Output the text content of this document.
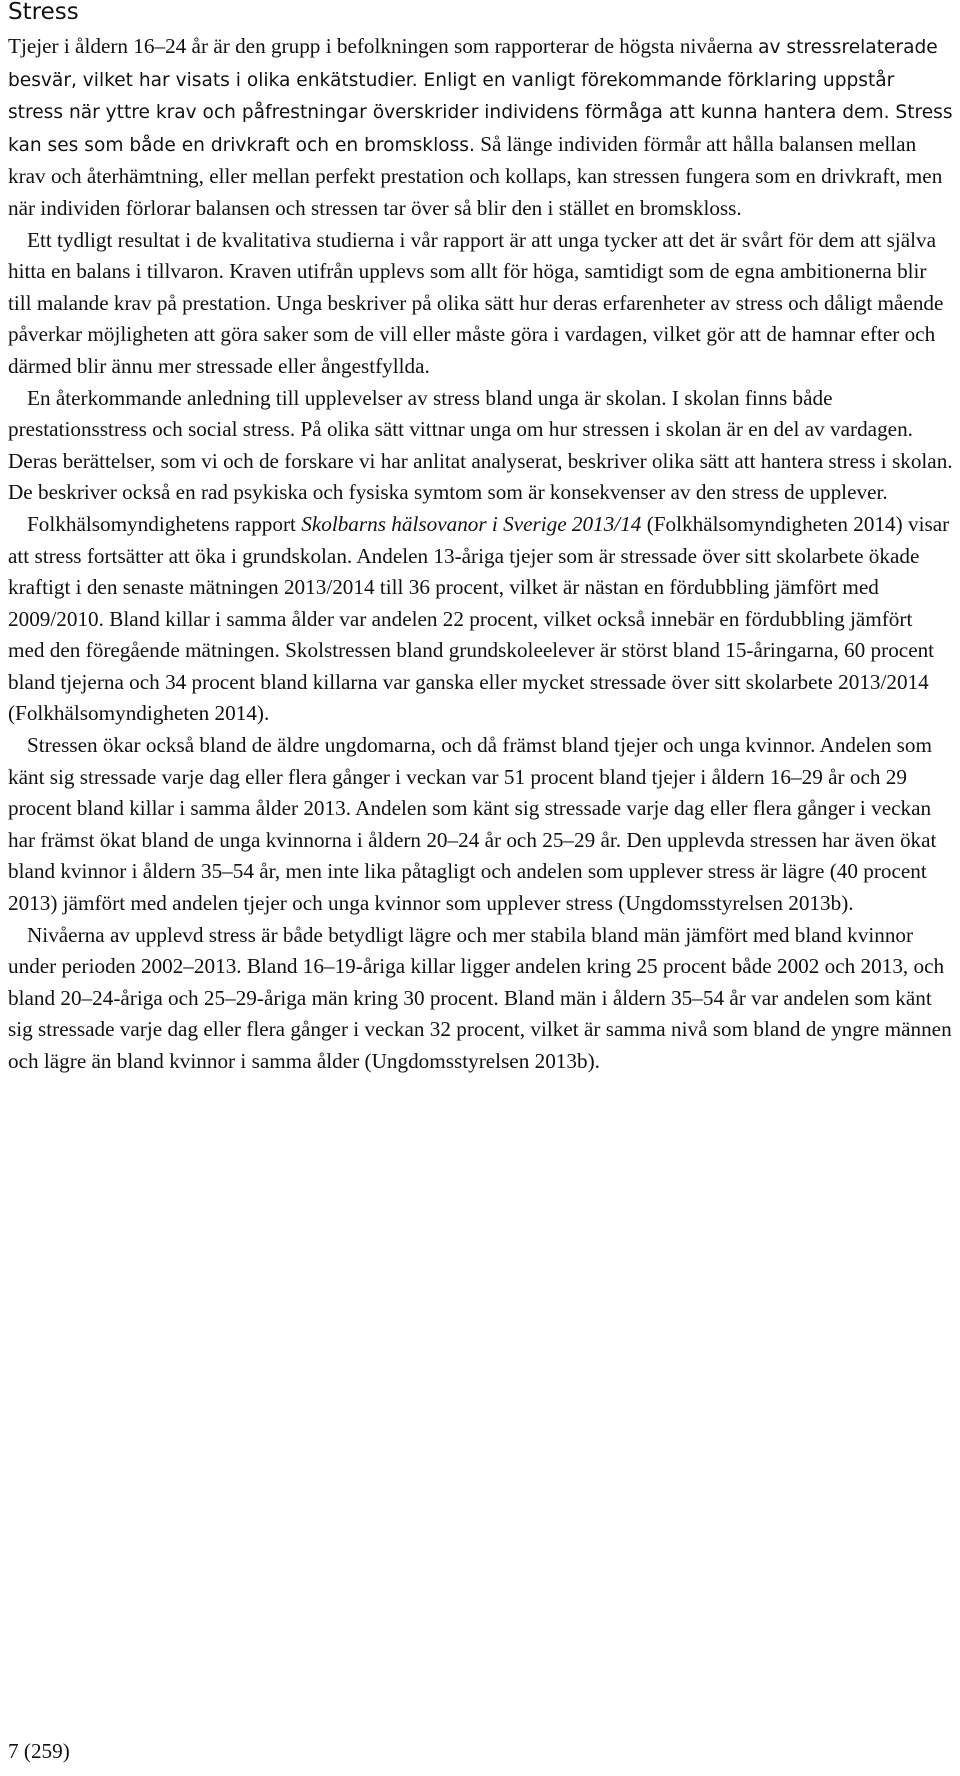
Stress

Tjejer i åldern 16–24 år är den grupp i befolkningen som rapporterar de högsta nivåerna av stressrelaterade besvär, vilket har visats i olika enkätstudier. Enligt en vanligt förekommande förklaring uppstår stress när yttre krav och påfrestningar överskrider individens förmåga att kunna hantera dem. Stress kan ses som både en drivkraft och en bromskloss. Så länge individen förmår att hålla balansen mellan krav och återhämtning, eller mellan perfekt prestation och kollaps, kan stressen fungera som en drivkraft, men när individen förlorar balansen och stressen tar över så blir den i stället en bromskloss.

Ett tydligt resultat i de kvalitativa studierna i vår rapport är att unga tycker att det är svårt för dem att själva hitta en balans i tillvaron. Kraven utifrån upplevs som allt för höga, samtidigt som de egna ambitionerna blir till malande krav på prestation. Unga beskriver på olika sätt hur deras erfarenheter av stress och dåligt mående påverkar möjligheten att göra saker som de vill eller måste göra i vardagen, vilket gör att de hamnar efter och därmed blir ännu mer stressade eller ångestfyllda.

En återkommande anledning till upplevelser av stress bland unga är skolan. I skolan finns både prestationsstress och social stress. På olika sätt vittnar unga om hur stressen i skolan är en del av vardagen. Deras berättelser, som vi och de forskare vi har anlitat analyserat, beskriver olika sätt att hantera stress i skolan. De beskriver också en rad psykiska och fysiska symtom som är konsekvenser av den stress de upplever.

Folkhälsomyndighetens rapport Skolbarns hälsovanor i Sverige 2013/14 (Folkhälsomyndigheten 2014) visar att stress fortsätter att öka i grundskolan. Andelen 13-åriga tjejer som är stressade över sitt skolarbete ökade kraftigt i den senaste mätningen 2013/2014 till 36 procent, vilket är nästan en fördubbling jämfört med 2009/2010. Bland killar i samma ålder var andelen 22 procent, vilket också innebär en fördubbling jämfört med den föregående mätningen. Skolstressen bland grundskoleelever är störst bland 15-åringarna, 60 procent bland tjejerna och 34 procent bland killarna var ganska eller mycket stressade över sitt skolarbete 2013/2014 (Folkhälsomyndigheten 2014).

Stressen ökar också bland de äldre ungdomarna, och då främst bland tjejer och unga kvinnor. Andelen som känt sig stressade varje dag eller flera gånger i veckan var 51 procent bland tjejer i åldern 16–29 år och 29 procent bland killar i samma ålder 2013. Andelen som känt sig stressade varje dag eller flera gånger i veckan har främst ökat bland de unga kvinnorna i åldern 20–24 år och 25–29 år. Den upplevda stressen har även ökat bland kvinnor i åldern 35–54 år, men inte lika påtagligt och andelen som upplever stress är lägre (40 procent 2013) jämfört med andelen tjejer och unga kvinnor som upplever stress (Ungdomsstyrelsen 2013b).

Nivåerna av upplevd stress är både betydligt lägre och mer stabila bland män jämfört med bland kvinnor under perioden 2002–2013. Bland 16–19-åriga killar ligger andelen kring 25 procent både 2002 och 2013, och bland 20–24-åriga och 25–29-åriga män kring 30 procent. Bland män i åldern 35–54 år var andelen som känt sig stressade varje dag eller flera gånger i veckan 32 procent, vilket är samma nivå som bland de yngre männen och lägre än bland kvinnor i samma ålder (Ungdomsstyrelsen 2013b).

7 (259)
